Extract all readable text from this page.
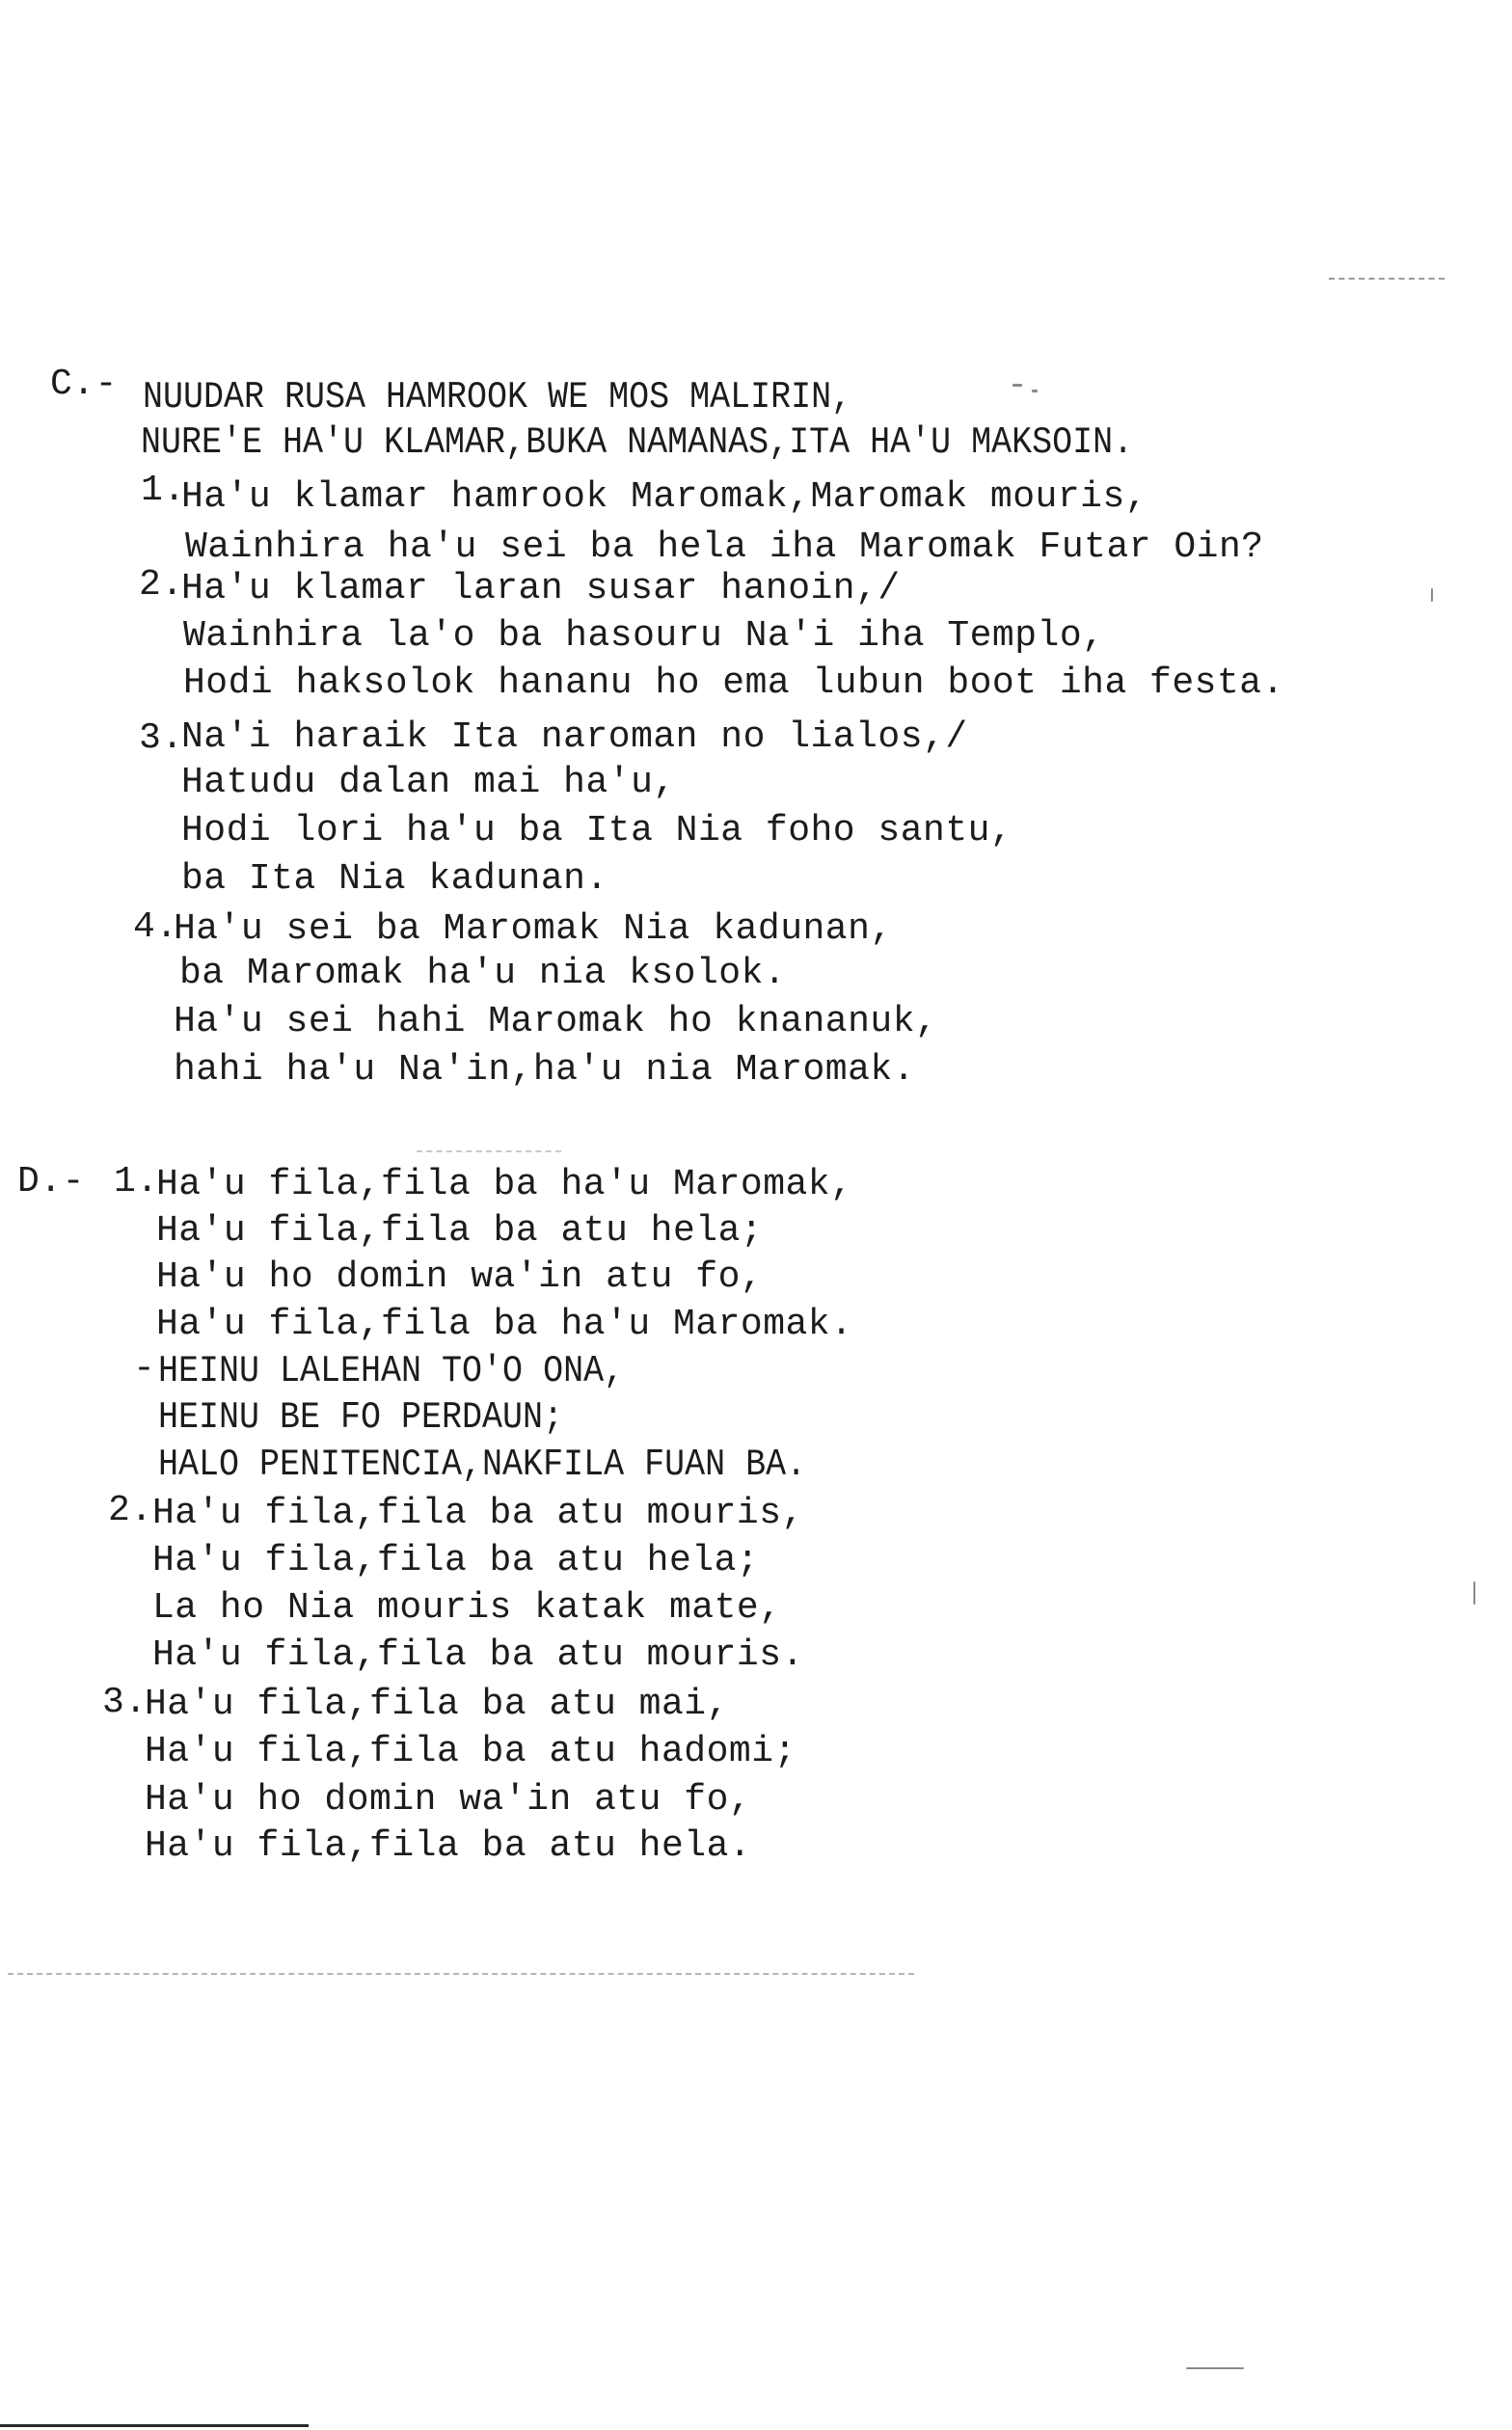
C.- NUUDAR RUSA HAMROOK WE MOS MALIRIN,
NURE'E HA'U KLAMAR,BUKA NAMANAS,ITA HA'U MAKSOIN.
1.
Ha'u klamar hamrook Maromak,Maromak mouris,
Wainhira ha'u sei ba hela iha Maromak Futar Oin?
2.
Ha'u klamar laran susar hanoin,/
Wainhira la'o ba hasouru Na'i iha Templo,
Hodi haksolok hananu ho ema lubun boot iha festa.
3.
Na'i haraik Ita naroman no lialos,/
Hatudu dalan mai ha'u,
Hodi lori ha'u ba Ita Nia foho santu,
ba Ita Nia kadunan.
4.
Ha'u sei ba Maromak Nia kadunan,
ba Maromak ha'u nia ksolok.
Ha'u sei hahi Maromak ho knananuk,
hahi ha'u Na'in,ha'u nia Maromak.
D.- 1.
Ha'u fila,fila ba ha'u Maromak,
Ha'u fila,fila ba atu hela;
Ha'u ho domin wa'in atu fo,
Ha'u fila,fila ba ha'u Maromak.
- HEINU LALEHAN TO'O ONA,
HEINU BE FO PERDAUN;
HALO PENITENCIA,NAKFILA FUAN BA.
2. Ha'u fila,fila ba atu mouris,
Ha'u fila,fila ba atu hela;
La ho Nia mouris katak mate,
Ha'u fila,fila ba atu mouris.
3.
Ha'u fila,fila ba atu mai,
Ha'u fila,fila ba atu hadomi;
Ha'u ho domin wa'in atu fo,
Ha'u fila,fila ba atu hela.
